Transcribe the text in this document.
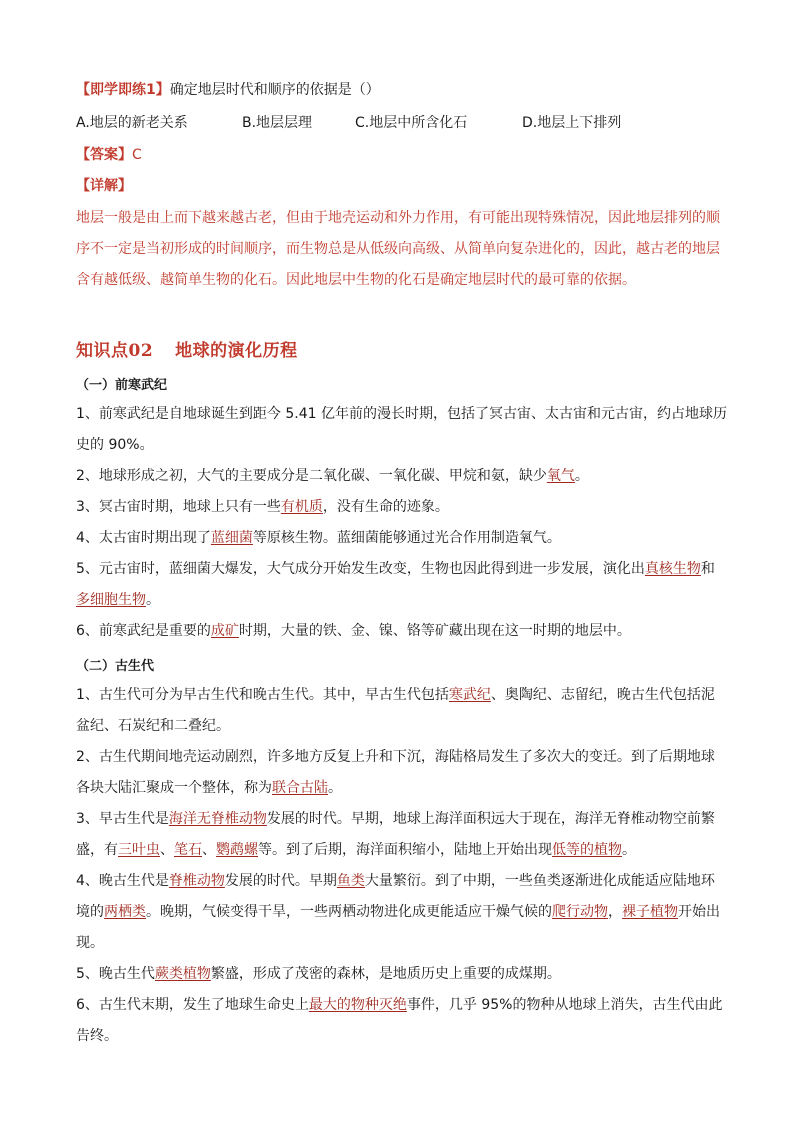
【即学即练1】确定地层时代和顺序的依据是（）
A.地层的新老关系	B.地层层理	C.地层中所含化石	D.地层上下排列
【答案】C
【详解】
地层一般是由上而下越来越古老，但由于地壳运动和外力作用，有可能出现特殊情况，因此地层排列的顺
序不一定是当初形成的时间顺序，而生物总是从低级向高级、从简单向复杂进化的，因此，越古老的地层
含有越低级、越简单生物的化石。因此地层中生物的化石是确定地层时代的最可靠的依据。
知识点02 地球的演化历程
（一）前寒武纪
1、前寒武纪是自地球诞生到距今 5.41 亿年前的漫长时期，包括了冥古宙、太古宙和元古宙，约占地球历
史的 90%。
2、地球形成之初，大气的主要成分是二氧化碳、一氧化碳、甲烷和氨，缺少氧气。
3、冥古宙时期，地球上只有一些有机质，没有生命的迹象。
4、太古宙时期出现了蓝细菌等原核生物。蓝细菌能够通过光合作用制造氧气。
5、元古宙时，蓝细菌大爆发，大气成分开始发生改变，生物也因此得到进一步发展，演化出真核生物和
多细胞生物。
6、前寒武纪是重要的成矿时期，大量的铁、金、镍、铬等矿藏出现在这一时期的地层中。
（二）古生代
1、古生代可分为早古生代和晚古生代。其中，早古生代包括寒武纪、奥陶纪、志留纪，晚古生代包括泥
盆纪、石炭纪和二叠纪。
2、古生代期间地壳运动剧烈，许多地方反复上升和下沉，海陆格局发生了多次大的变迁。到了后期地球
各块大陆汇聚成一个整体，称为联合古陆。
3、早古生代是海洋无脊椎动物发展的时代。早期，地球上海洋面积远大于现在，海洋无脊椎动物空前繁
盛，有三叶虫、笔石、鹦鹉螺等。到了后期，海洋面积缩小，陆地上开始出现低等的植物。
4、晚古生代是脊椎动物发展的时代。早期鱼类大量繁衍。到了中期，一些鱼类逐渐进化成能适应陆地环
境的两栖类。晚期，气候变得干旱，一些两栖动物进化成更能适应干燥气候的爬行动物，裸子植物开始出
现。
5、晚古生代蕨类植物繁盛，形成了茂密的森林，是地质历史上重要的成煤期。
6、古生代末期，发生了地球生命史上最大的物种灭绝事件，几乎 95%的物种从地球上消失，古生代由此
告终。
